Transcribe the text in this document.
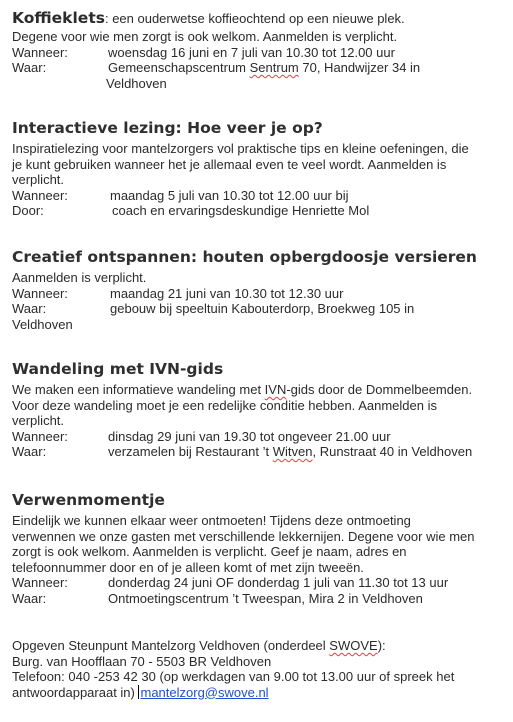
Koffieklets: een ouderwetse koffieochtend op een nieuwe plek.

Degene voor wie men zorgt is ook welkom. Aanmelden is verplicht.

Wanneer:	woensdag 16 juni en 7 juli van 10.30 tot 12.00 uur
Waar:	Gemeenschapscentrum Sentrum 70, Handwijzer 34 in
Veldhoven
Interactieve lezing: Hoe veer je op?

Inspiratielezing voor mantelzorgers vol praktische tips en kleine oefeningen, die

je kunt gebruiken wanneer het je allemaal even te veel wordt. Aanmelden is

verplicht.

Wanneer:	maandag 5 juli van 10.30 tot 12.00 uur bij
Door:	coach en ervaringsdeskundige Henriette Mol
Creatief ontspannen: houten opbergdoosje versieren

Aanmelden is verplicht.

Wanneer:	maandag 21 juni van 10.30 tot 12.30 uur
Waar:	gebouw bij speeltuin Kabouterdorp, Broekweg 105 in
Veldhoven
Wandeling met IVN-gids

We maken een informatieve wandeling met IVN-gids door de Dommelbeemden.

Voor deze wandeling moet je een redelijke conditie hebben. Aanmelden is

verplicht.

Wanneer:	dinsdag 29 juni van 19.30 tot ongeveer 21.00 uur
Waar:	verzamelen bij Restaurant ’t Witven, Runstraat 40 in Veldhoven
Verwenmomentje

Eindelijk we kunnen elkaar weer ontmoeten! Tijdens deze ontmoeting

verwennen we onze gasten met verschillende lekkernijen. Degene voor wie men

zorgt is ook welkom. Aanmelden is verplicht. Geef je naam, adres en

telefoonnummer door en of je alleen komt of met zijn tweeën.

Wanneer:	donderdag 24 juni OF donderdag 1 juli van 11.30 tot 13 uur
Waar:	Ontmoetingscentrum ’t Tweespan, Mira 2 in Veldhoven

Opgeven Steunpunt Mantelzorg Veldhoven (onderdeel SWOVE):

Burg. van Hoofflaan 70 - 5503 BR Veldhoven

Telefoon: 040 -253 42 30 (op werkdagen van 9.00 tot 13.00 uur of spreek het

antwoordapparaat in) mantelzorg@swove.nl
